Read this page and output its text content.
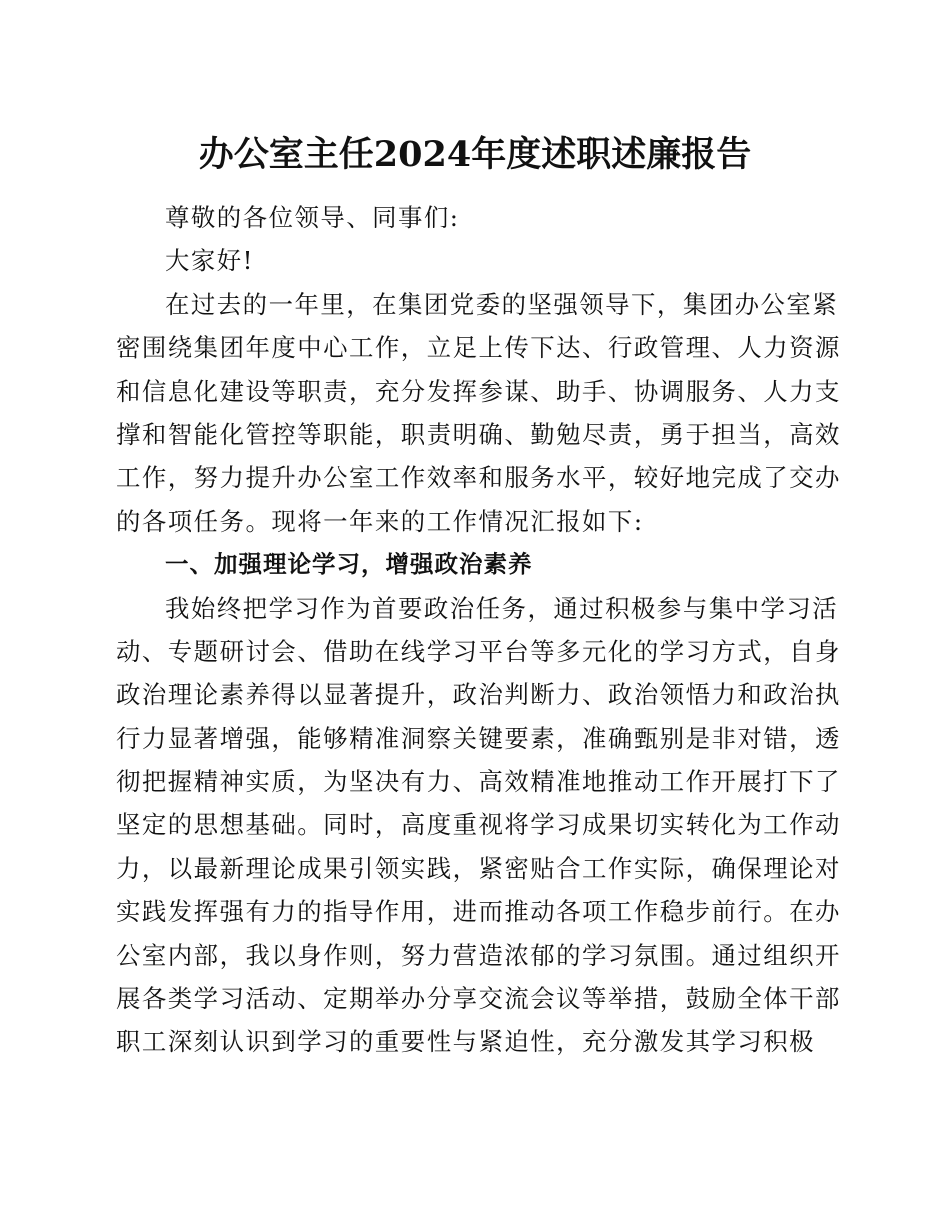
办公室主任2024年度述职述廉报告
尊敬的各位领导、同事们:
大家好!
在过去的一年里，在集团党委的坚强领导下，集团办公室紧
密围绕集团年度中心工作，立足上传下达、行政管理、人力资源
和信息化建设等职责，充分发挥参谋、助手、协调服务、人力支
撑和智能化管控等职能，职责明确、勤勉尽责，勇于担当，高效
工作，努力提升办公室工作效率和服务水平，较好地完成了交办
的各项任务。现将一年来的工作情况汇报如下:
一、加强理论学习，增强政治素养
我始终把学习作为首要政治任务，通过积极参与集中学习活
动、专题研讨会、借助在线学习平台等多元化的学习方式，自身
政治理论素养得以显著提升，政治判断力、政治领悟力和政治执
行力显著增强，能够精准洞察关键要素，准确甄别是非对错，透
彻把握精神实质，为坚决有力、高效精准地推动工作开展打下了
坚定的思想基础。同时，高度重视将学习成果切实转化为工作动
力，以最新理论成果引领实践，紧密贴合工作实际，确保理论对
实践发挥强有力的指导作用，进而推动各项工作稳步前行。在办
公室内部，我以身作则，努力营造浓郁的学习氛围。通过组织开
展各类学习活动、定期举办分享交流会议等举措，鼓励全体干部
职工深刻认识到学习的重要性与紧迫性，充分激发其学习积极
